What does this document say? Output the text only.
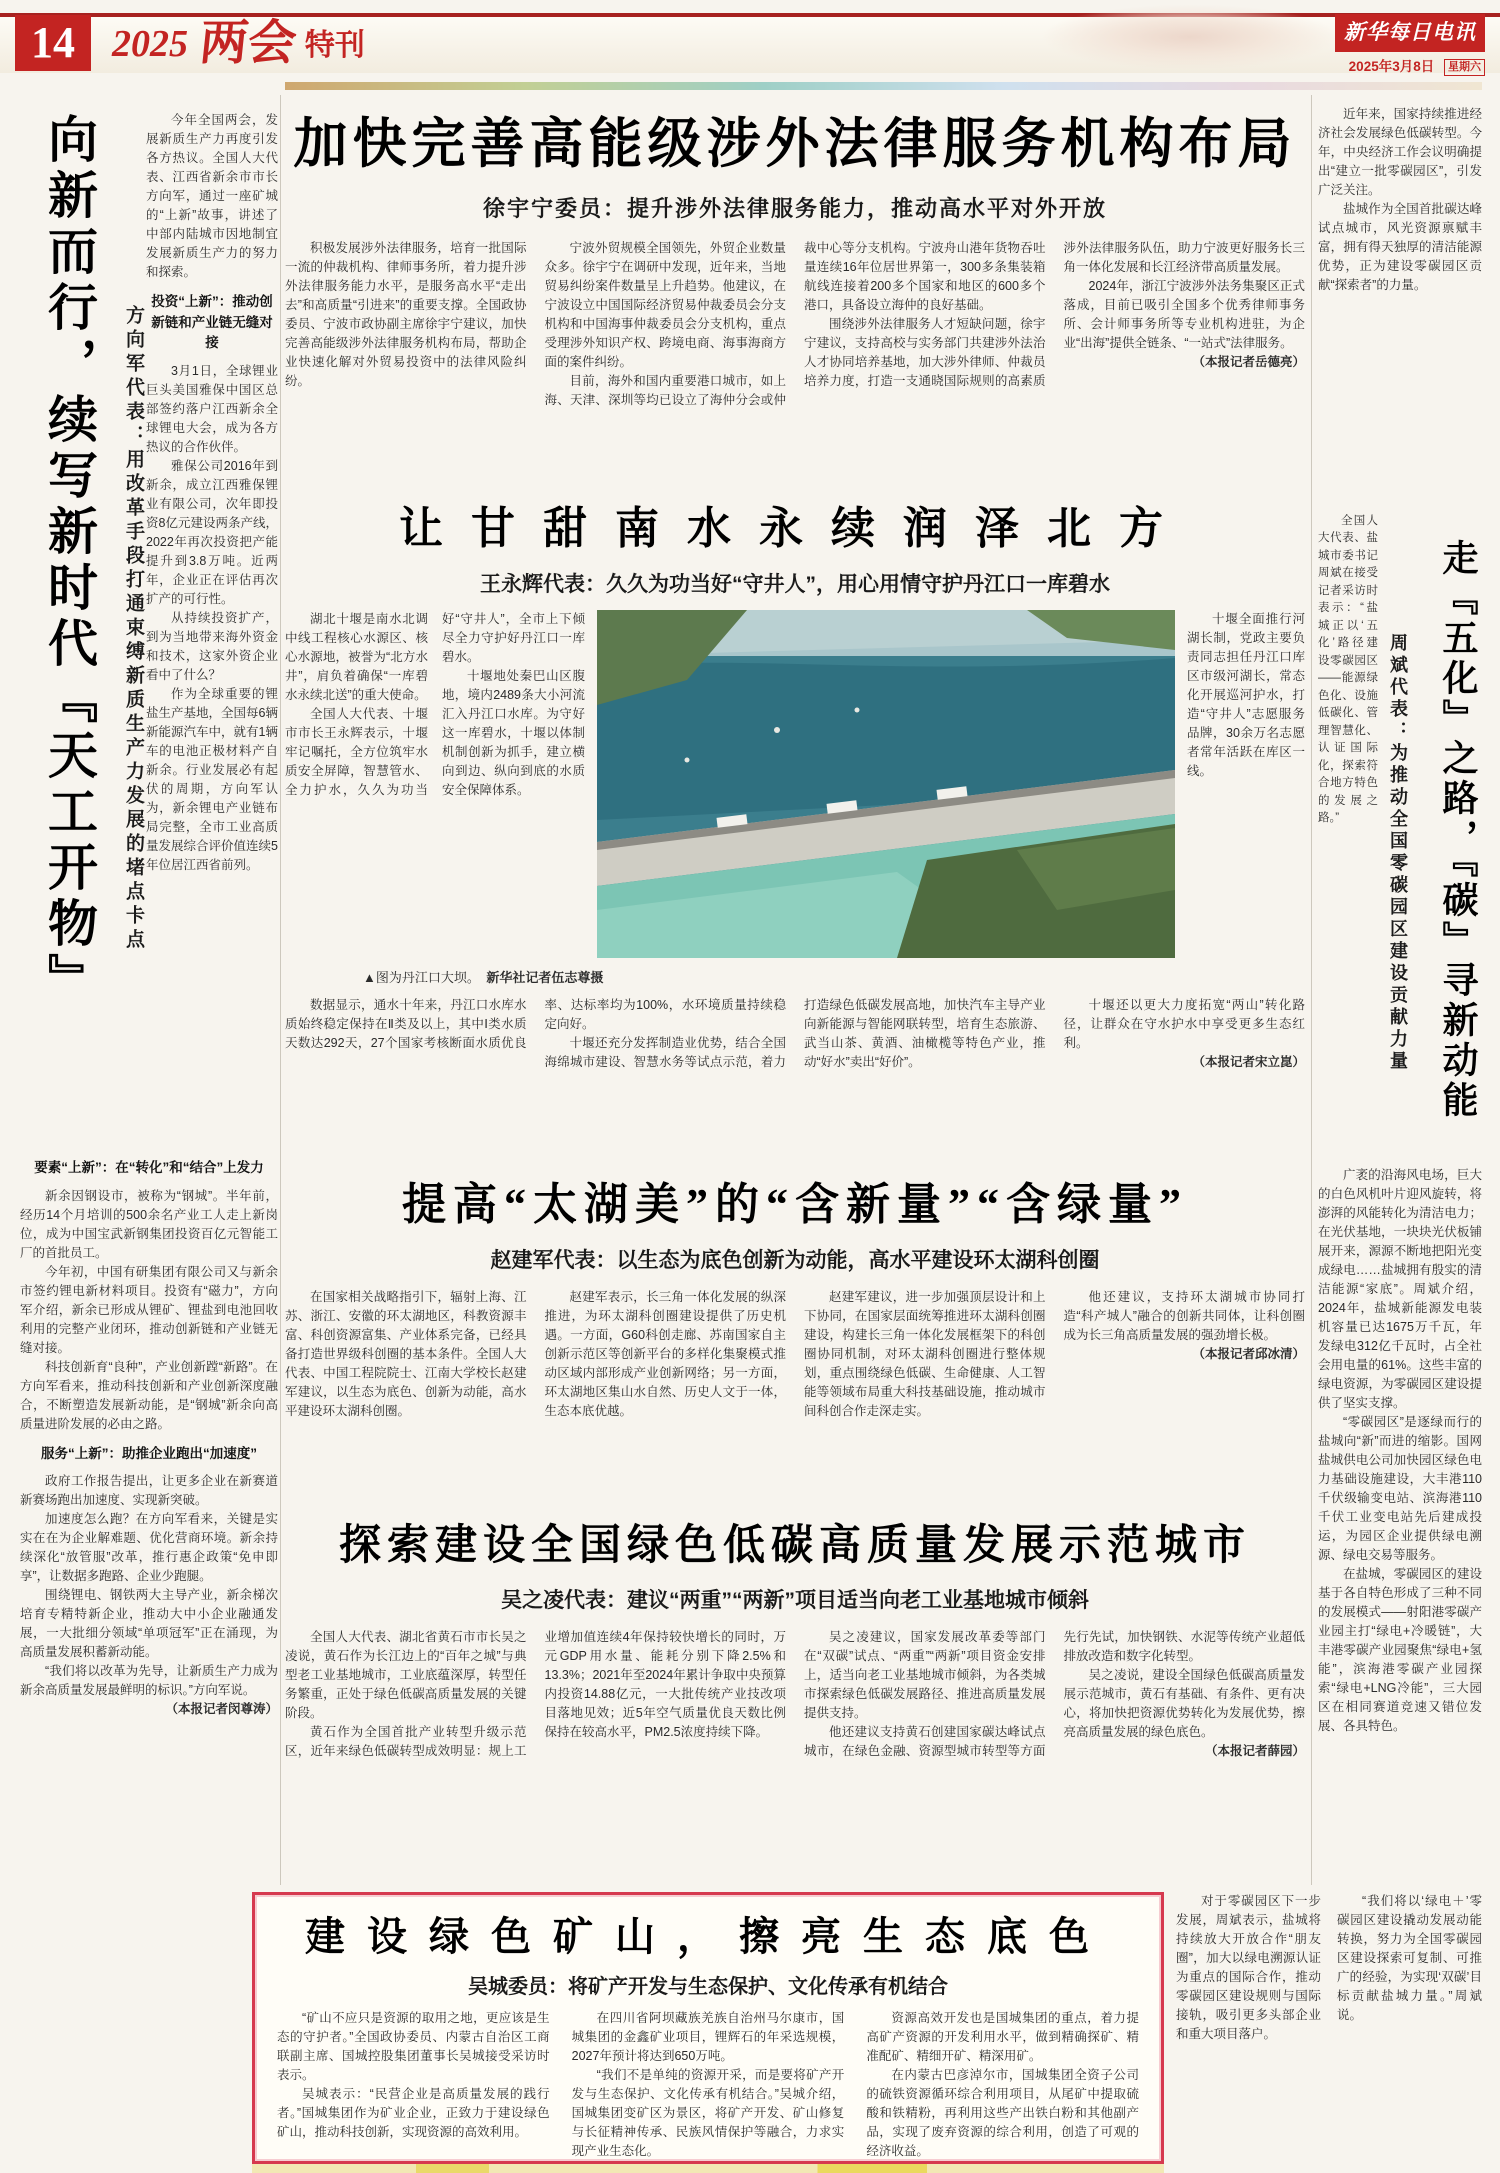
14 2025 两会 特刊	新华每日电讯
2025年3月8日 星期六
向新而行，续写新时代『天工开物』	方向军代表：用改革手段打通束缚新质生产力发展的堵点卡点

今年全国两会，发展新质生产力再度引发各方热议。全国人大代表、江西省新余市市长方向军，通过一座矿城的“上新”故事，讲述了中部内陆城市因地制宜发展新质生产力的努力和探索。

投资“上新”：推动创新链和产业链无缝对接

3月1日，全球锂业巨头美国雅保中国区总部签约落户江西新余全球锂电大会，成为各方热议的合作伙伴。

雅保公司2016年到新余，成立江西雅保锂业有限公司，次年即投资8亿元建设两条产线，2022年再次投资把产能提升到3.8万吨。近两年，企业正在评估再次扩产的可行性。

从持续投资扩产，到为当地带来海外资金和技术，这家外资企业看中了什么？

作为全球重要的锂盐生产基地，全国每6辆新能源汽车中，就有1辆车的电池正极材料产自新余。行业发展必有起伏的周期，方向军认为，新余锂电产业链布局完整，全市工业高质量发展综合评价值连续5年位居江西省前列。

要素“上新”：在“转化”和“结合”上发力

新余因钢设市，被称为“钢城”。半年前，经历14个月培训的500余名产业工人走上新岗位，成为中国宝武新钢集团投资百亿元智能工厂的首批员工。

今年初，中国有研集团有限公司又与新余市签约锂电新材料项目。投资有“磁力”，方向军介绍，新余已形成从锂矿、锂盐到电池回收利用的完整产业闭环，推动创新链和产业链无缝对接。

科技创新育“良种”，产业创新蹚“新路”。在方向军看来，推动科技创新和产业创新深度融合，不断塑造发展新动能，是“钢城”新余向高质量进阶发展的必由之路。

服务“上新”：助推企业跑出“加速度”

政府工作报告提出，让更多企业在新赛道新赛场跑出加速度、实现新突破。

加速度怎么跑？在方向军看来，关键是实实在在为企业解难题、优化营商环境。新余持续深化“放管服”改革，推行惠企政策“免申即享”，让数据多跑路、企业少跑腿。

围绕锂电、钢铁两大主导产业，新余梯次培育专精特新企业，推动大中小企业融通发展，一大批细分领域“单项冠军”正在涌现，为高质量发展积蓄新动能。

“我们将以改革为先导，让新质生产力成为新余高质量发展最鲜明的标识。”方向军说。

（本报记者闵尊涛）

加快完善高能级涉外法律服务机构布局
徐宇宁委员：提升涉外法律服务能力，推动高水平对外开放

积极发展涉外法律服务，培育一批国际一流的仲裁机构、律师事务所，着力提升涉外法律服务能力水平，是服务高水平“走出去”和高质量“引进来”的重要支撑。全国政协委员、宁波市政协副主席徐宇宁建议，加快完善高能级涉外法律服务机构布局，帮助企业快速化解对外贸易投资中的法律风险纠纷。

宁波外贸规模全国领先，外贸企业数量众多。徐宇宁在调研中发现，近年来，当地贸易纠纷案件数量呈上升趋势。他建议，在宁波设立中国国际经济贸易仲裁委员会分支机构和中国海事仲裁委员会分支机构，重点受理涉外知识产权、跨境电商、海事海商方面的案件纠纷。

目前，海外和国内重要港口城市，如上海、天津、深圳等均已设立了海仲分会或仲裁中心等分支机构。宁波舟山港年货物吞吐量连续16年位居世界第一，300多条集装箱航线连接着200多个国家和地区的600多个港口，具备设立海仲的良好基础。

围绕涉外法律服务人才短缺问题，徐宇宁建议，支持高校与实务部门共建涉外法治人才协同培养基地，加大涉外律师、仲裁员培养力度，打造一支通晓国际规则的高素质涉外法律服务队伍，助力宁波更好服务长三角一体化发展和长江经济带高质量发展。

2024年，浙江宁波涉外法务集聚区正式落成，目前已吸引全国多个优秀律师事务所、会计师事务所等专业机构进驻，为企业“出海”提供全链条、“一站式”法律服务。

（本报记者岳德亮）

让甘甜南水永续润泽北方
王永辉代表：久久为功当好“守井人”，用心用情守护丹江口一库碧水

湖北十堰是南水北调中线工程核心水源区、核心水源地，被誉为“北方水井”，肩负着确保“一库碧水永续北送”的重大使命。

全国人大代表、十堰市市长王永辉表示，十堰牢记嘱托，全方位筑牢水质安全屏障，智慧管水、全力护水，久久为功当好“守井人”，全市上下倾尽全力守护好丹江口一库碧水。

十堰地处秦巴山区腹地，境内2489条大小河流汇入丹江口水库。为守好这一库碧水，十堰以体制机制创新为抓手，建立横向到边、纵向到底的水质安全保障体系。

十堰全面推行河湖长制，党政主要负责同志担任丹江口库区市级河湖长，常态化开展巡河护水，打造“守井人”志愿服务品牌，30余万名志愿者常年活跃在库区一线。

▲图为丹江口大坝。　 新华社记者伍志尊摄

数据显示，通水十年来，丹江口水库水质始终稳定保持在Ⅱ类及以上，其中Ⅰ类水质天数达292天，27个国家考核断面水质优良率、达标率均为100%，水环境质量持续稳定向好。

十堰还充分发挥制造业优势，结合全国海绵城市建设、智慧水务等试点示范，着力打造绿色低碳发展高地，加快汽车主导产业向新能源与智能网联转型，培育生态旅游、武当山茶、黄酒、油橄榄等特色产业，推动“好水”卖出“好价”。

十堰还以更大力度拓宽“两山”转化路径，让群众在守水护水中享受更多生态红利。

（本报记者宋立崑）

提高“太湖美”的“含新量”“含绿量”
赵建军代表：以生态为底色创新为动能，高水平建设环太湖科创圈

在国家相关战略指引下，辐射上海、江苏、浙江、安徽的环太湖地区，科教资源丰富、科创资源富集、产业体系完备，已经具备打造世界级科创圈的基本条件。全国人大代表、中国工程院院士、江南大学校长赵建军建议，以生态为底色、创新为动能，高水平建设环太湖科创圈。

赵建军表示，长三角一体化发展的纵深推进，为环太湖科创圈建设提供了历史机遇。一方面，G60科创走廊、苏南国家自主创新示范区等创新平台的多样化集聚模式推动区域内部形成产业创新网络；另一方面，环太湖地区集山水自然、历史人文于一体，生态本底优越。

赵建军建议，进一步加强顶层设计和上下协同，在国家层面统筹推进环太湖科创圈建设，构建长三角一体化发展框架下的科创圈协同机制，对环太湖科创圈进行整体规划，重点围绕绿色低碳、生命健康、人工智能等领域布局重大科技基础设施，推动城市间科创合作走深走实。

他还建议，支持环太湖城市协同打造“科产城人”融合的创新共同体，让科创圈成为长三角高质量发展的强劲增长极。

（本报记者邱冰清）

探索建设全国绿色低碳高质量发展示范城市
吴之凌代表：建议“两重”“两新”项目适当向老工业基地城市倾斜

全国人大代表、湖北省黄石市市长吴之凌说，黄石作为长江边上的“百年之城”与典型老工业基地城市，工业底蕴深厚，转型任务繁重，正处于绿色低碳高质量发展的关键阶段。

黄石作为全国首批产业转型升级示范区，近年来绿色低碳转型成效明显：规上工业增加值连续4年保持较快增长的同时，万元GDP用水量、能耗分别下降2.5%和13.3%；2021年至2024年累计争取中央预算内投资14.88亿元，一大批传统产业技改项目落地见效；近5年空气质量优良天数比例保持在较高水平，PM2.5浓度持续下降。

吴之凌建议，国家发展改革委等部门在“双碳”试点、“两重”“两新”项目资金安排上，适当向老工业基地城市倾斜，为各类城市探索绿色低碳发展路径、推进高质量发展提供支持。

他还建议支持黄石创建国家碳达峰试点城市，在绿色金融、资源型城市转型等方面先行先试，加快钢铁、水泥等传统产业超低排放改造和数字化转型。

吴之凌说，建设全国绿色低碳高质量发展示范城市，黄石有基础、有条件、更有决心，将加快把资源优势转化为发展优势，擦亮高质量发展的绿色底色。

（本报记者薛园）

建设绿色矿山，擦亮生态底色
吴城委员：将矿产开发与生态保护、文化传承有机结合

“矿山不应只是资源的取用之地，更应该是生态的守护者。”全国政协委员、内蒙古自治区工商联副主席、国城控股集团董事长吴城接受采访时表示。

吴城表示：“民营企业是高质量发展的践行者。”国城集团作为矿业企业，正致力于建设绿色矿山，推动科技创新，实现资源的高效利用。

在四川省阿坝藏族羌族自治州马尔康市，国城集团的金鑫矿业项目，锂辉石的年采选规模，2027年预计将达到650万吨。

“我们不是单纯的资源开采，而是要将矿产开发与生态保护、文化传承有机结合。”吴城介绍，国城集团变矿区为景区，将矿产开发、矿山修复与长征精神传承、民族风情保护等融合，力求实现产业生态化。

资源高效开发也是国城集团的重点，着力提高矿产资源的开发利用水平，做到精确探矿、精准配矿、精细开矿、精深用矿。

在内蒙古巴彦淖尔市，国城集团全资子公司的硫铁资源循环综合利用项目，从尾矿中提取硫酸和铁精粉，再利用这些产出铁白粉和其他副产品，实现了废弃资源的综合利用，创造了可观的经济收益。

近年来，国家持续推进经济社会发展绿色低碳转型。今年，中央经济工作会议明确提出“建立一批零碳园区”，引发广泛关注。

盐城作为全国首批碳达峰试点城市，风光资源禀赋丰富，拥有得天独厚的清洁能源优势，正为建设零碳园区贡献“探索者”的力量。

全国人大代表、盐城市委书记周斌在接受记者采访时表示：“盐城正以‘五化’路径建设零碳园区——能源绿色化、设施低碳化、管理智慧化、认证国际化，探索符合地方特色的发展之路。”	周斌代表：为推动全国零碳园区建设贡献力量 走『五化』之路，『碳』寻新动能

广袤的沿海风电场，巨大的白色风机叶片迎风旋转，将澎湃的风能转化为清洁电力；在光伏基地，一块块光伏板铺展开来，源源不断地把阳光变成绿电……盐城拥有殷实的清洁能源“家底”。周斌介绍，2024年，盐城新能源发电装机容量已达1675万千瓦，年发绿电312亿千瓦时，占全社会用电量的61%。这些丰富的绿电资源，为零碳园区建设提供了坚实支撑。

“零碳园区”是逐绿而行的盐城向“新”而进的缩影。国网盐城供电公司加快园区绿色电力基础设施建设，大丰港110千伏级输变电站、滨海港110千伏工业变电站先后建成投运，为园区企业提供绿电溯源、绿电交易等服务。

在盐城，零碳园区的建设基于各自特色形成了三种不同的发展模式——射阳港零碳产业园主打“绿电+冷暖链”，大丰港零碳产业园聚焦“绿电+氢能”，滨海港零碳产业园探索“绿电+LNG冷能”，三大园区在相同赛道竞速又错位发展、各具特色。

对于零碳园区下一步发展，周斌表示，盐城将持续放大开放合作“朋友圈”，加大以绿电溯源认证为重点的国际合作，推动零碳园区建设规则与国际接轨，吸引更多头部企业和重大项目落户。

“我们将以‘绿电＋’零碳园区建设撬动发展动能转换，努力为全国零碳园区建设探索可复制、可推广的经验，为实现‘双碳’目标贡献盐城力量。”周斌说。
